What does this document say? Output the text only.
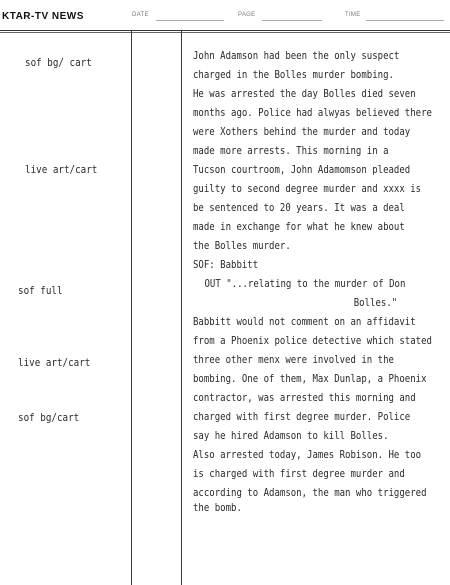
KTAR-TV NEWS	DATE	PAGE	TIME
sof bg/ cart
live art/cart
sof full
live art/cart
sof bg/cart
John Adamson had been the only suspect
charged in the Bolles murder bombing.
He was arrested the day Bolles died seven
months ago. Police had alwyas believed there
were Xothers behind the murder and today
made more arrests. This morning in a
Tucson courtroom, John Adamomson pleaded
guilty to second degree murder and xxxx is
be sentenced to 20 years. It was a deal
made in exchange for what he knew about
the Bolles murder.
SOF: Babbitt
OUT "...relating to the murder of Don
Bolles."
Babbitt would not comment on an affidavit
from a Phoenix police detective which stated
three other menx were involved in the
bombing. One of them, Max Dunlap, a Phoenix
contractor, was arrested this morning and
charged with first degree murder. Police
say he hired Adamson to kill Bolles.
Also arrested today, James Robison. He too
is charged with first degree murder and
according to Adamson, the man who triggered
the bomb.
